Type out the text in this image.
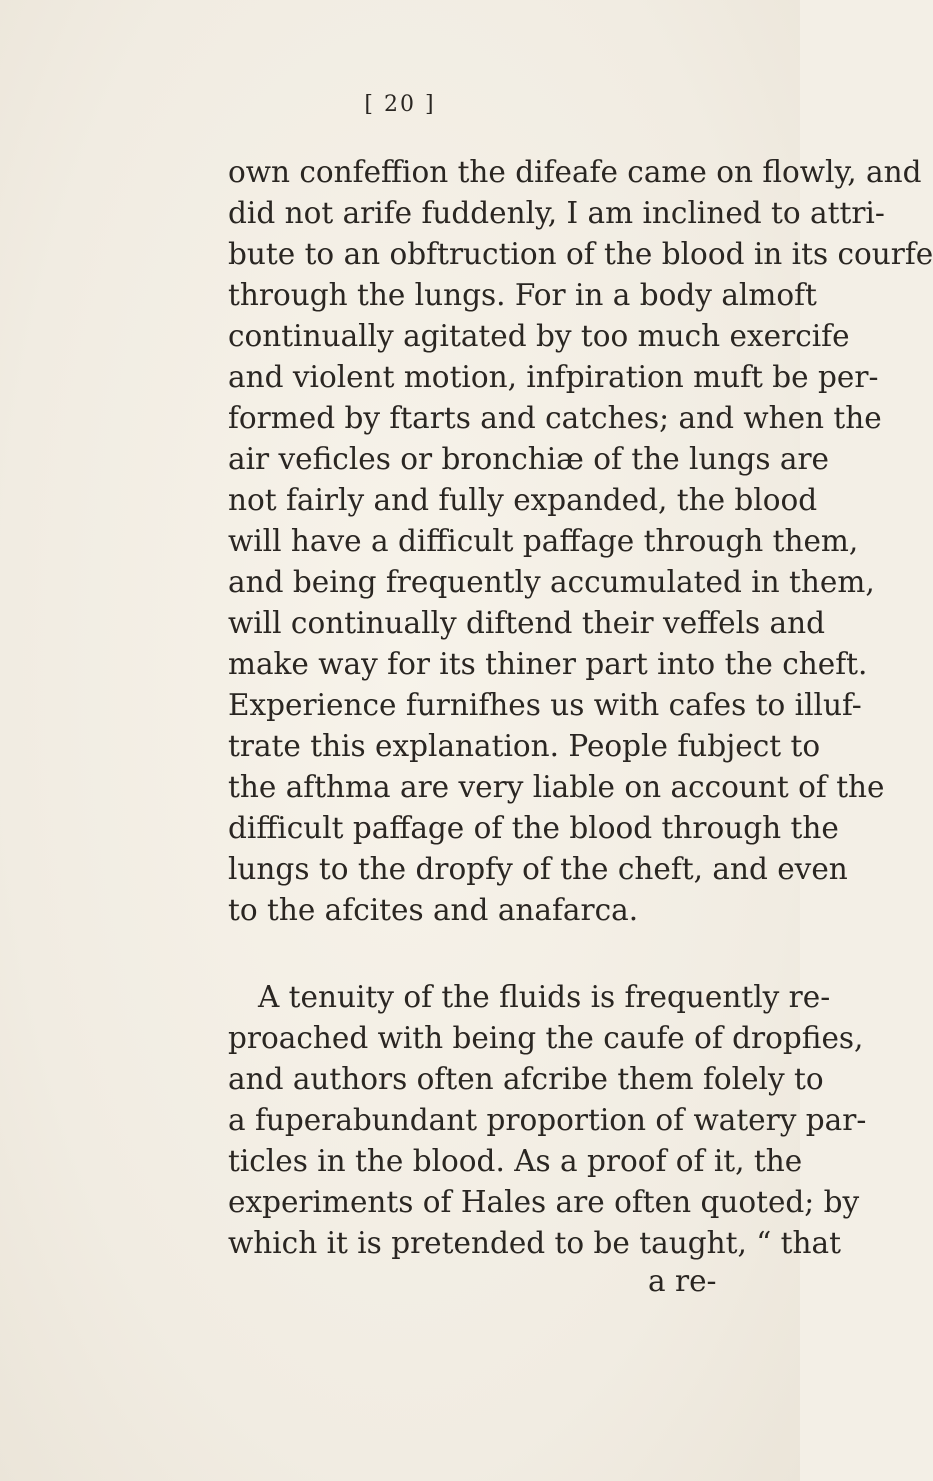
[ 20 ]

own confeffion the difeafe came on flowly, and

did not arife fuddenly, I am inclined to attri-

bute to an obftruction of the blood in its courfe

through the lungs. For in a body almoft

continually agitated by too much exercife

and violent motion, infpiration muft be per-

formed by ftarts and catches; and when the

air veficles or bronchiæ of the lungs are

not fairly and fully expanded, the blood

will have a difficult paffage through them,

and being frequently accumulated in them,

will continually diftend their veffels and

make way for its thiner part into the cheft.

Experience furnifhes us with cafes to illuf-

trate this explanation. People fubject to

the afthma are very liable on account of the

difficult paffage of the blood through the

lungs to the dropfy of the cheft, and even

to the afcites and anafarca.

A tenuity of the fluids is frequently re-

proached with being the caufe of dropfies,

and authors often afcribe them folely to

a fuperabundant proportion of watery par-

ticles in the blood. As a proof of it, the

experiments of Hales are often quoted; by

which it is pretended to be taught, “ that

a re-
